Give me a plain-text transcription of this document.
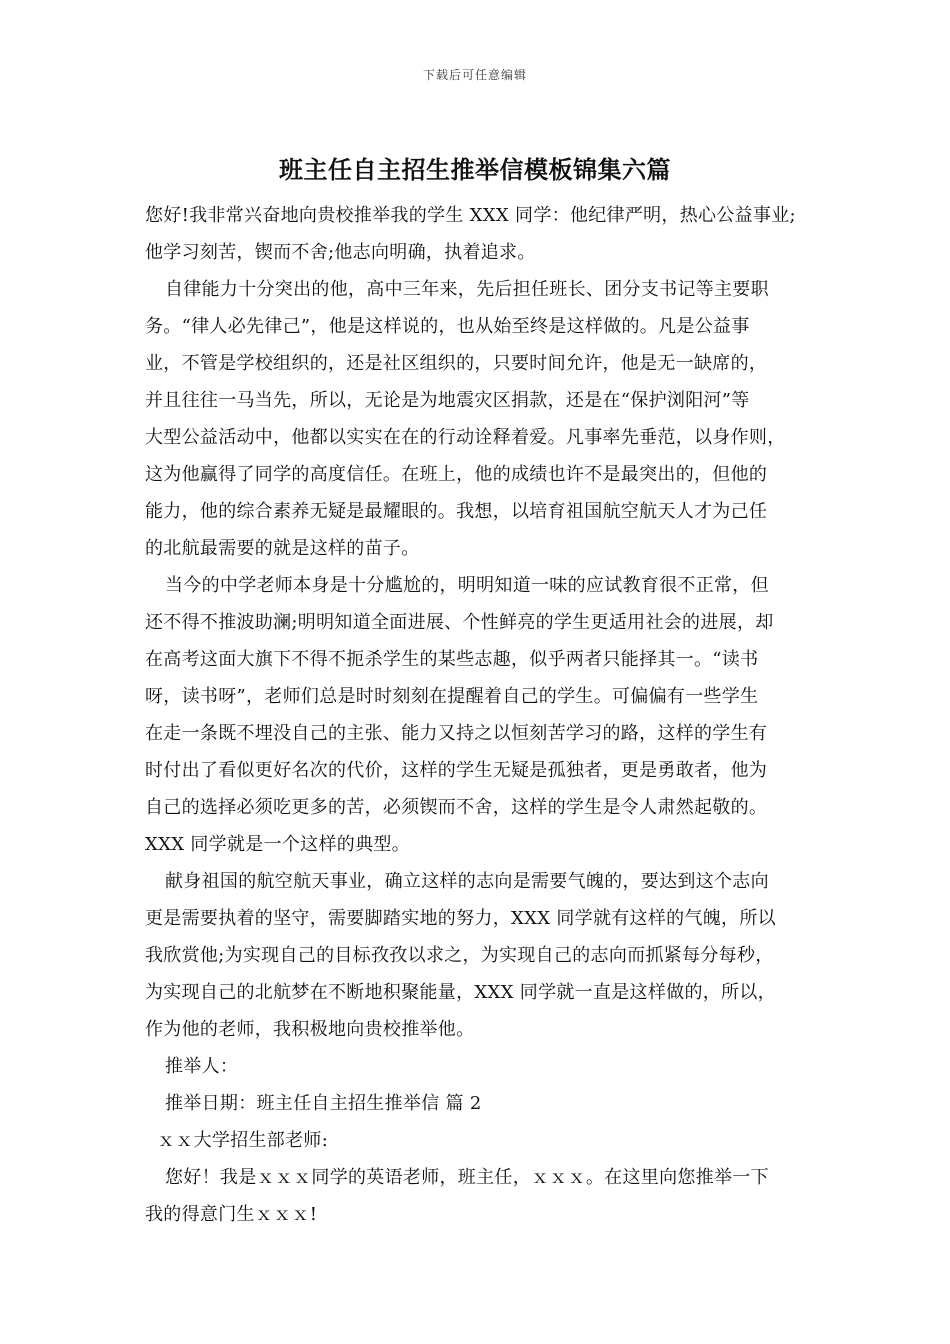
下载后可任意编辑
班主任自主招生推举信模板锦集六篇
您好!我非常兴奋地向贵校推举我的学生 XXX 同学：他纪律严明，热心公益事业;
他学习刻苦，锲而不舍;他志向明确，执着追求。
自律能力十分突出的他，高中三年来，先后担任班长、团分支书记等主要职
务。“律人必先律己”，他是这样说的，也从始至终是这样做的。凡是公益事
业，不管是学校组织的，还是社区组织的，只要时间允许，他是无一缺席的，
并且往往一马当先，所以，无论是为地震灾区捐款，还是在“保护浏阳河”等
大型公益活动中，他都以实实在在的行动诠释着爱。凡事率先垂范，以身作则，
这为他赢得了同学的高度信任。在班上，他的成绩也许不是最突出的，但他的
能力，他的综合素养无疑是最耀眼的。我想，以培育祖国航空航天人才为己任
的北航最需要的就是这样的苗子。
当今的中学老师本身是十分尴尬的，明明知道一味的应试教育很不正常，但
还不得不推波助澜;明明知道全面进展、个性鲜亮的学生更适用社会的进展，却
在高考这面大旗下不得不扼杀学生的某些志趣，似乎两者只能择其一。“读书
呀，读书呀”，老师们总是时时刻刻在提醒着自己的学生。可偏偏有一些学生
在走一条既不埋没自己的主张、能力又持之以恒刻苦学习的路，这样的学生有
时付出了看似更好名次的代价，这样的学生无疑是孤独者，更是勇敢者，他为
自己的选择必须吃更多的苦，必须锲而不舍，这样的学生是令人肃然起敬的。
XXX 同学就是一个这样的典型。
献身祖国的航空航天事业，确立这样的志向是需要气魄的，要达到这个志向
更是需要执着的坚守，需要脚踏实地的努力，XXX 同学就有这样的气魄，所以
我欣赏他;为实现自己的目标孜孜以求之，为实现自己的志向而抓紧每分每秒，
为实现自己的北航梦在不断地积聚能量，XXX 同学就一直是这样做的，所以，
作为他的老师，我积极地向贵校推举他。
推举人：
推举日期：班主任自主招生推举信 篇 2
ｘｘ大学招生部老师:
您好！我是ｘｘｘ同学的英语老师，班主任，ｘｘｘ。在这里向您推举一下
我的得意门生ｘｘｘ!
